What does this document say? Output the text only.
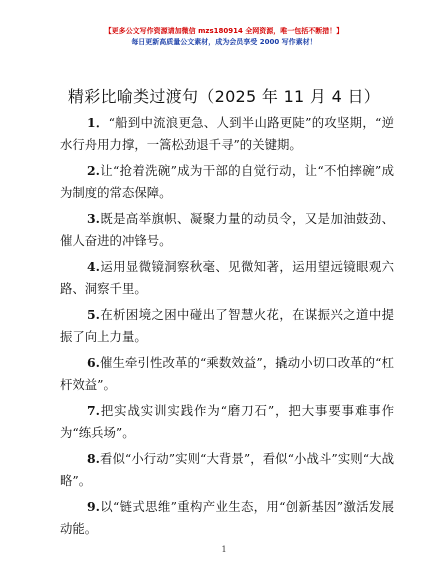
【更多公文写作资源请加微信 mzs180914 全网资源，唯一包括不断措！】
每日更新高质量公文素材，成为会员享受 2000 写作素材！
精彩比喻类过渡句（2025 年 11 月 4 日）

1．“船到中流浪更急、人到半山路更陡”的攻坚期，“逆水行舟用力撑，一篙松劲退千寻”的关键期。

2.让“抢着洗碗”成为干部的自觉行动，让“不怕摔碗”成为制度的常态保障。

3.既是高举旗帜、凝聚力量的动员令，又是加油鼓劲、催人奋进的冲锋号。

4.运用显微镜洞察秋毫、见微知著，运用望远镜眼观六路、洞察千里。

5.在析困境之困中碰出了智慧火花，在谋振兴之道中提振了向上力量。

6.催生牵引性改革的“乘数效益”，撬动小切口改革的“杠杆效益”。

7.把实战实训实践作为“磨刀石”，把大事要事难事作为“练兵场”。

8.看似“小行动”实则“大背景”，看似“小战斗”实则“大战略”。

9.以“链式思维”重构产业生态，用“创新基因”激活发展动能。

1
